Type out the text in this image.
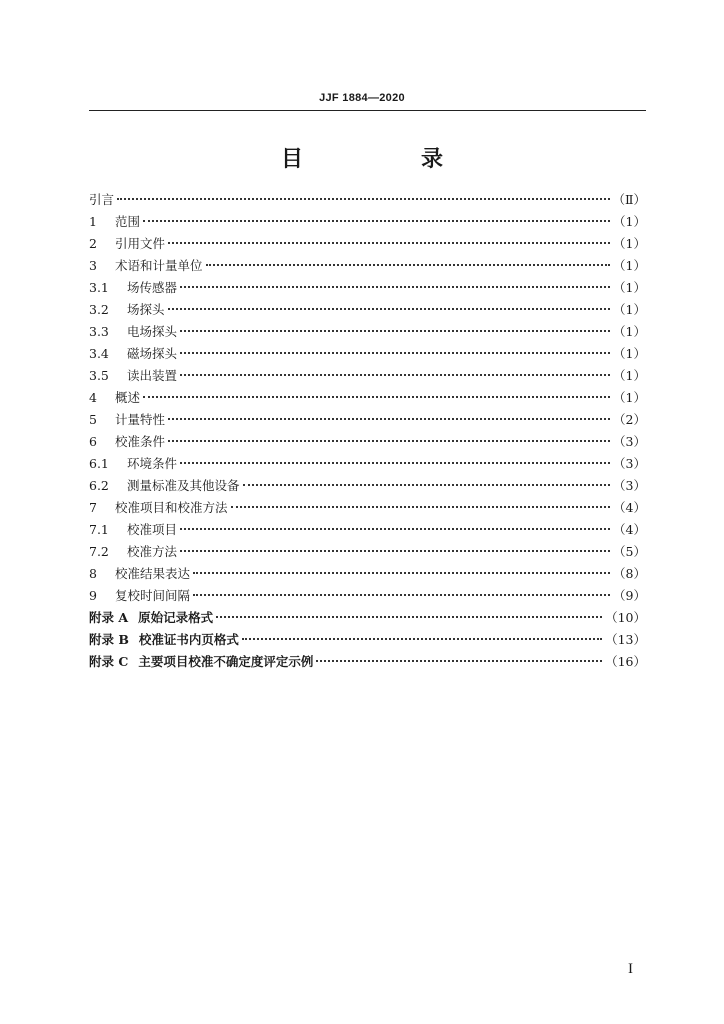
JJF 1884—2020
目　录
引言	（Ⅱ）
1	范围	（1）
2	引用文件	（1）
3	术语和计量单位	（1）
3.1	场传感器	（1）
3.2	场探头	（1）
3.3	电场探头	（1）
3.4	磁场探头	（1）
3.5	读出装置	（1）
4	概述	（1）
5	计量特性	（2）
6	校准条件	（3）
6.1	环境条件	（3）
6.2	测量标准及其他设备	（3）
7	校准项目和校准方法	（4）
7.1	校准项目	（4）
7.2	校准方法	（5）
8	校准结果表达	（8）
9	复校时间间隔	（9）
附录 A 原始记录格式	（10）
附录 B 校准证书内页格式	（13）
附录 C 主要项目校准不确定度评定示例	（16）
I
